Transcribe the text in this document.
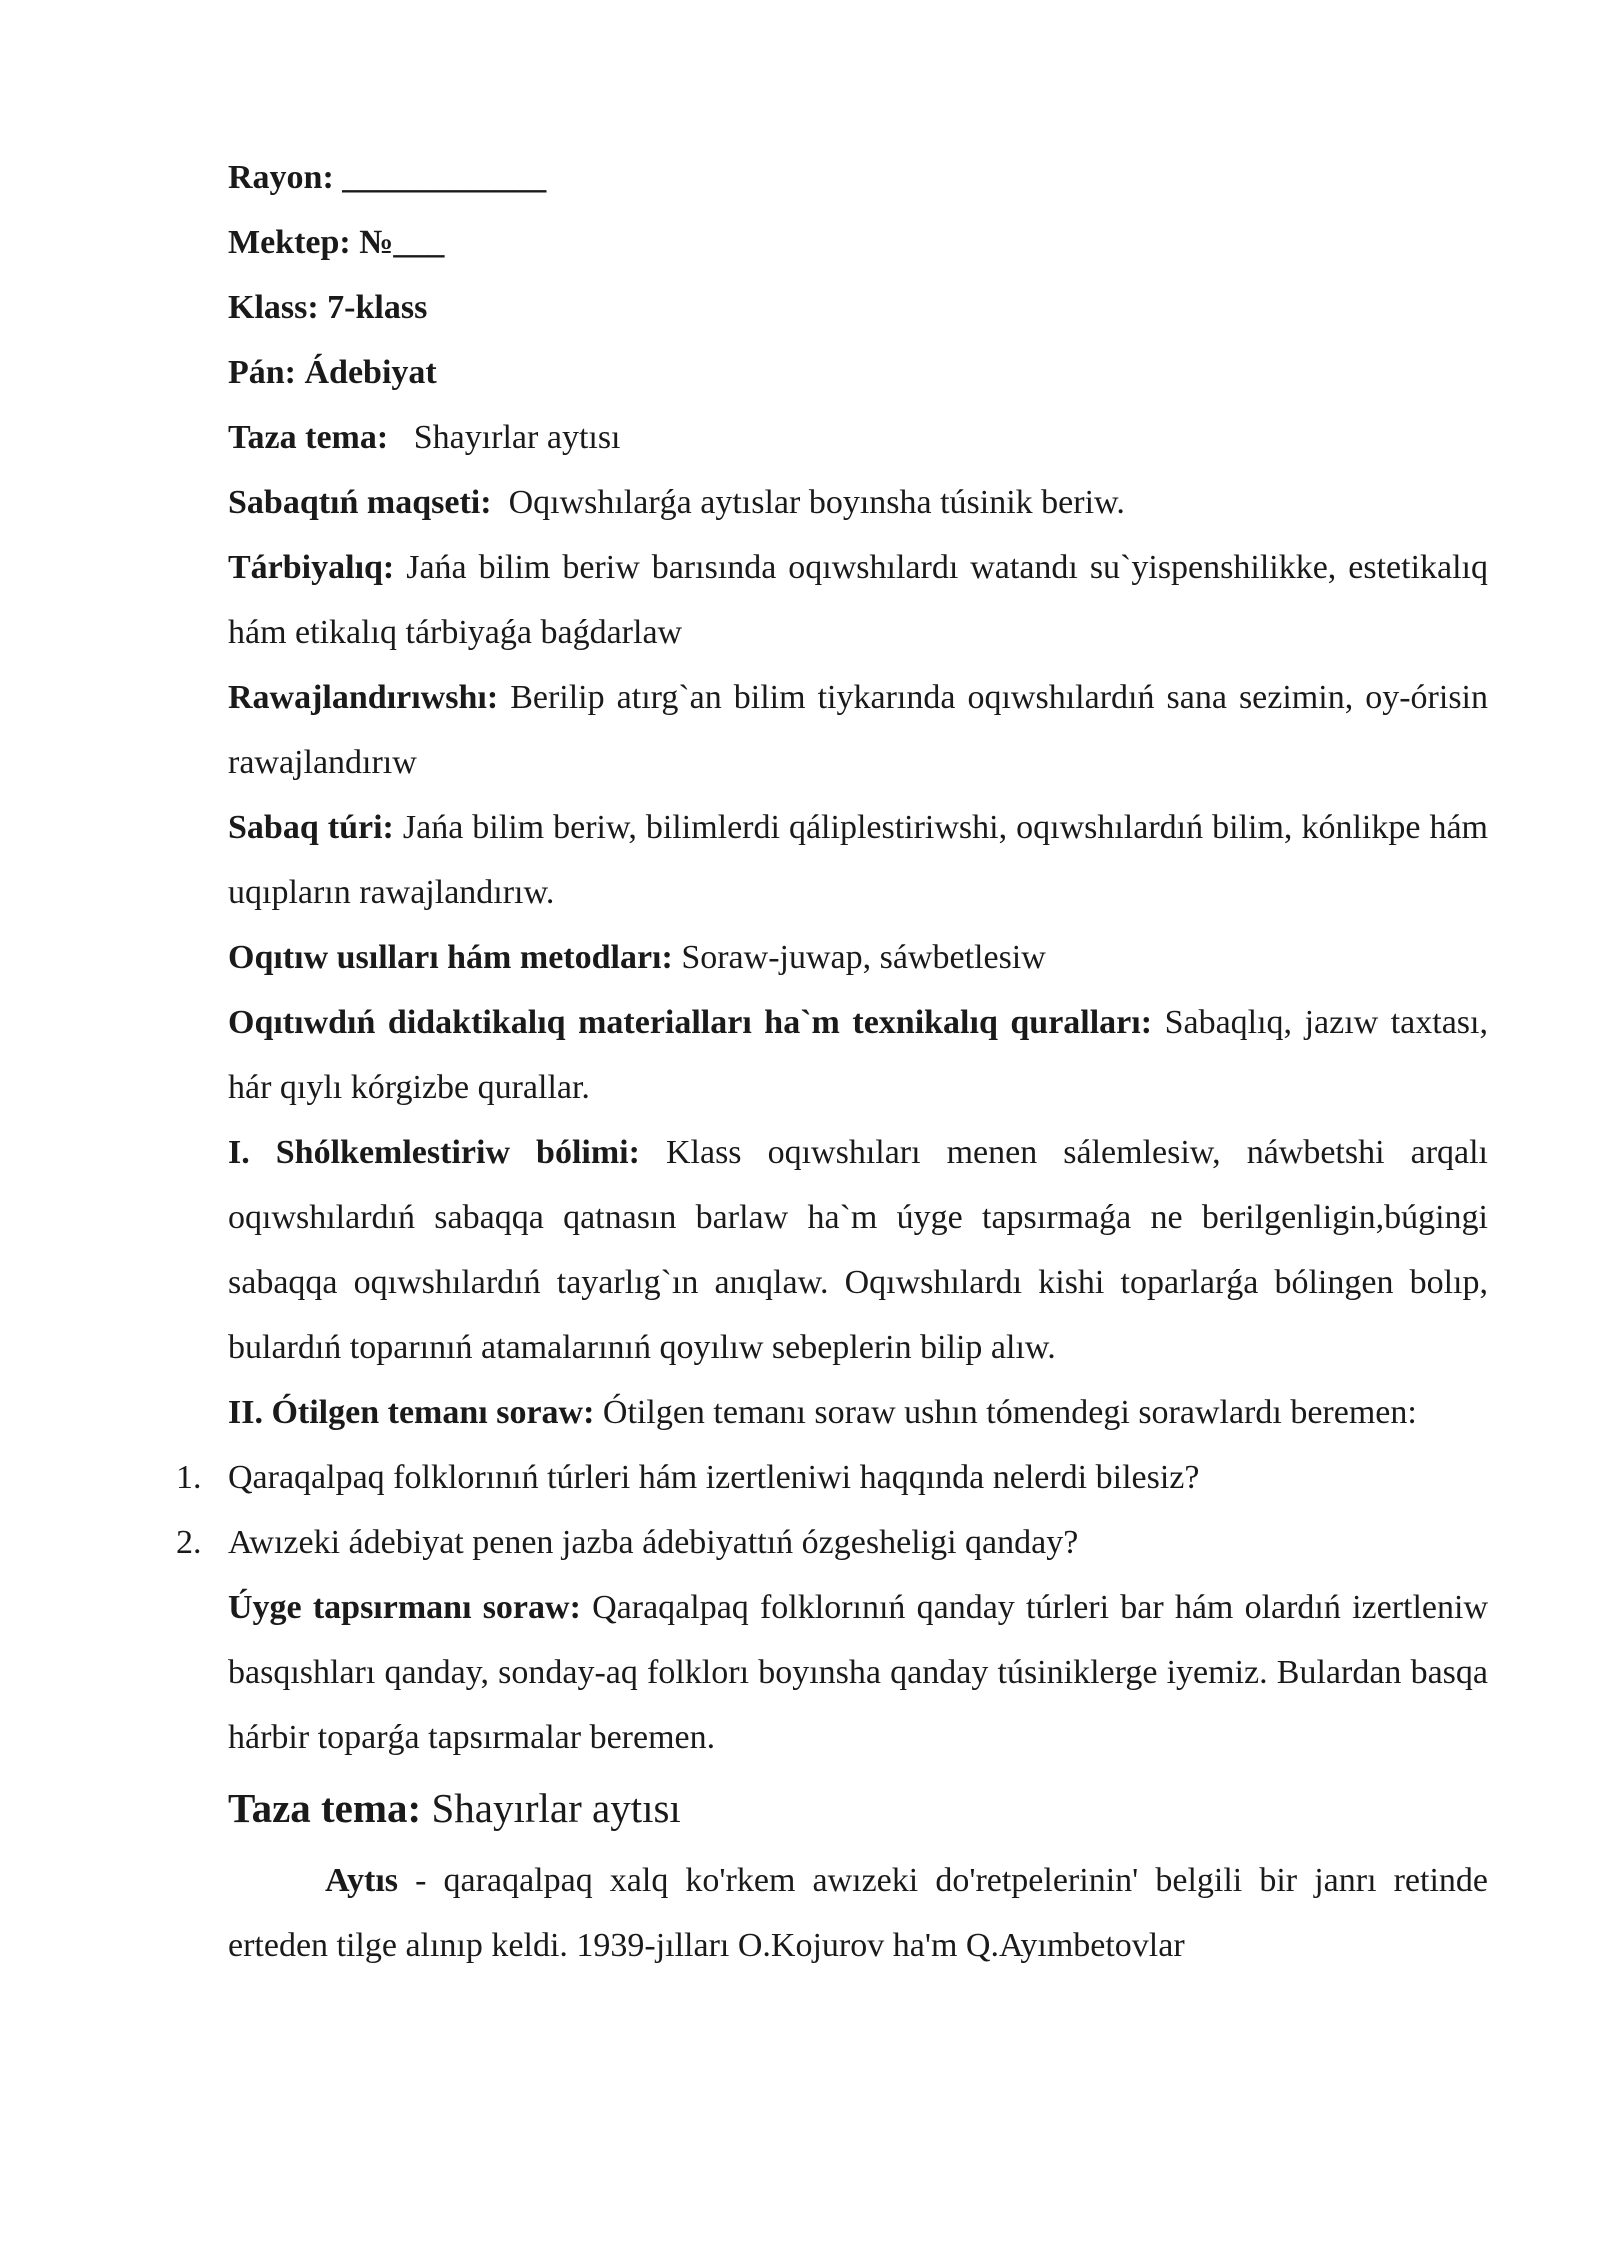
Rayon: ____________

Mektep: №___

Klass: 7-klass

Pán: Ádebiyat

Taza tema: Shayırlar aytısı

Sabaqtıń maqseti: Oqıwshılarǵa aytıslar boyınsha túsinik beriw.

Tárbiyalıq: Jańa bilim beriw barısında oqıwshılardı watandı su`yispenshilikke, estetikalıq hám etikalıq tárbiyaǵa baǵdarlaw

Rawajlandırıwshı: Berilip atırg`an bilim tiykarında oqıwshılardıń sana sezimin, oy-órisin rawajlandırıw

Sabaq túri: Jańa bilim beriw, bilimlerdi qáliplestiriwshi, oqıwshılardıń bilim, kónlikpe hám uqıpların rawajlandırıw.

Oqıtıw usılları hám metodları: Soraw-juwap, sáwbetlesiw

Oqıtıwdıń didaktikalıq materialları ha`m texnikalıq quralları: Sabaqlıq, jazıw taxtası, hár qıylı kórgizbe qurallar.

I. Shólkemlestiriw bólimi: Klass oqıwshıları menen sálemlesiw, náwbetshi arqalı oqıwshılardıń sabaqqa qatnasın barlaw ha`m úyge tapsırmaǵa ne berilgenligin,búgingi sabaqqa oqıwshılardıń tayarlıg`ın anıqlaw. Oqıwshılardı kishi toparlarǵa bólingen bolıp, bulardıń toparınıń atamalarınıń qoyılıw sebeplerin bilip alıw.

II. Ótilgen temanı soraw: Ótilgen temanı soraw ushın tómendegi sorawlardı beremen:

1. Qaraqalpaq folklorınıń túrleri hám izertleniwi haqqında nelerdi bilesiz?

2. Awızeki ádebiyat penen jazba ádebiyattıń ózgesheligi qanday?

Úyge tapsırmanı soraw: Qaraqalpaq folklorınıń qanday túrleri bar hám olardıń izertleniw basqıshları qanday, sonday-aq folklorı boyınsha qanday túsiniklerge iyemiz. Bulardan basqa hárbir toparǵa tapsırmalar beremen.

Taza tema: Shayırlar aytısı

Aytıs - qaraqalpaq xalq ko'rkem awızeki do'retpelerinin' belgili bir janrı retinde erteden tilge alınıp keldi. 1939-jılları O.Kojurov ha'm Q.Ayımbetovlar
